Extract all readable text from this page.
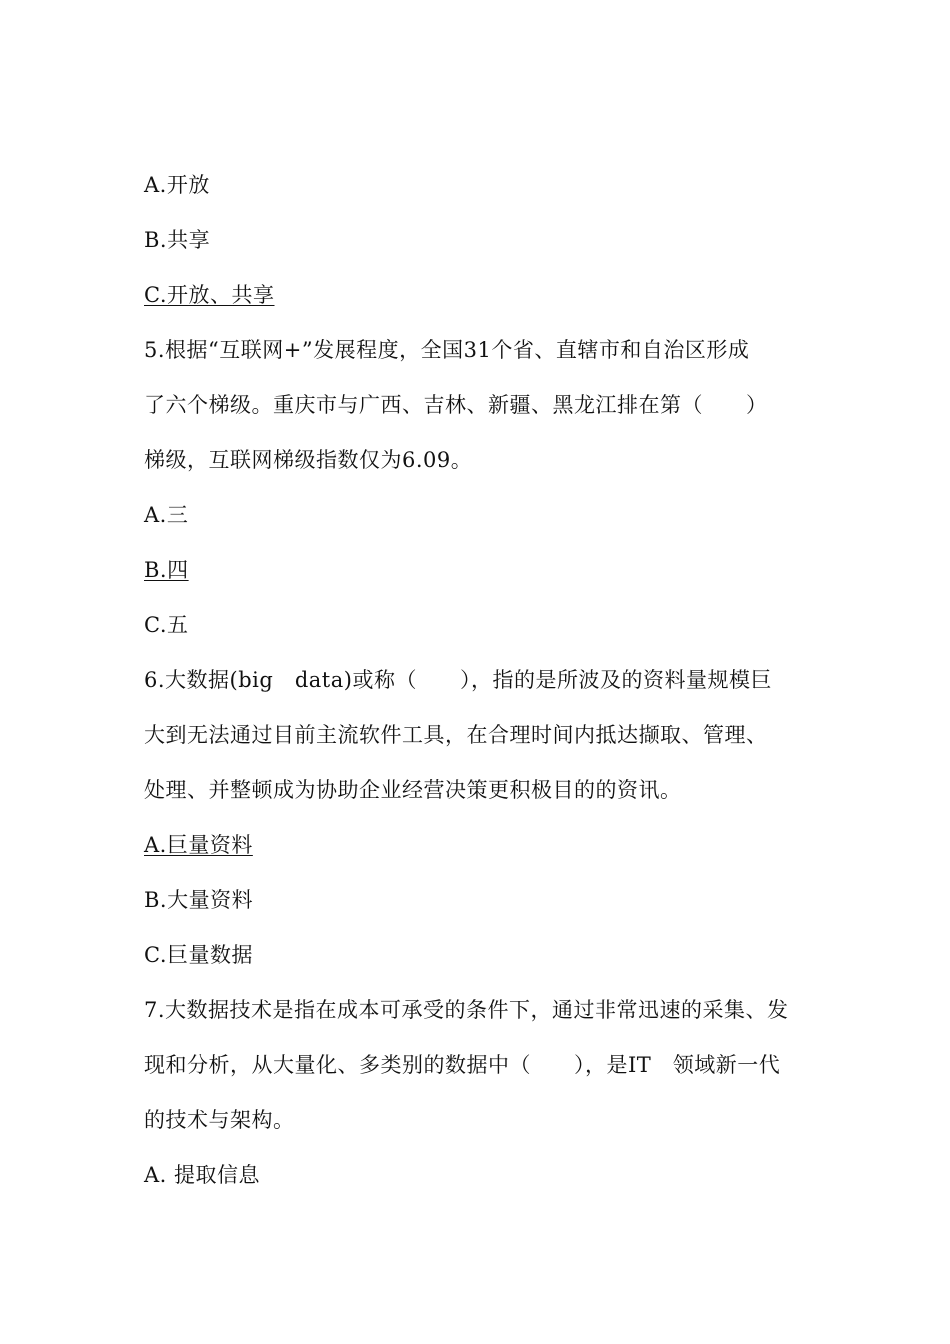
A.开放
B.共享
C.开放、共享
5.根据“互联网+”发展程度，全国31个省、直辖市和自治区形成
了六个梯级。重庆市与广西、吉林、新疆、黑龙江排在第（　　）
梯级，互联网梯级指数仅为6.09。
A.三
B.四
C.五
6.大数据(big　data)或称（　　），指的是所波及的资料量规模巨
大到无法通过目前主流软件工具，在合理时间内抵达撷取、管理、
处理、并整顿成为协助企业经营决策更积极目的的资讯。
A.巨量资料
B.大量资料
C.巨量数据
7.大数据技术是指在成本可承受的条件下，通过非常迅速的采集、发
现和分析，从大量化、多类别的数据中（　　），是IT　领域新一代
的技术与架构。
A. 提取信息
